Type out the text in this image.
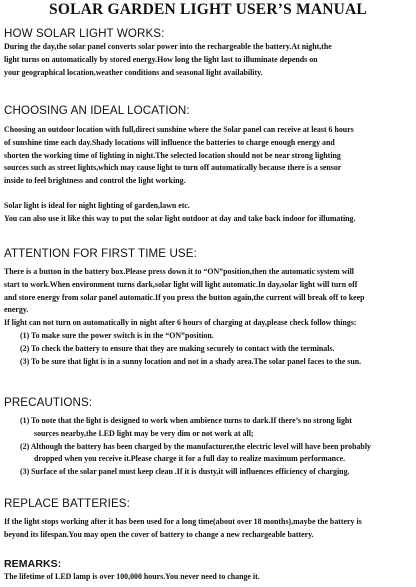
SOLAR GARDEN LIGHT USER’S MANUAL
HOW SOLAR LIGHT WORKS:
During the day,the solar panel converts solar power into the rechargeable the battery.At night,the
light turns on automatically by stored energy.How long the light last to illuminate depends on
your geographical location,weather conditions and seasonal light availability.
CHOOSING AN IDEAL LOCATION:
Choosing an outdoor location with full,direct sunshine where the Solar panel can receive at least 6 hours
of sunshine time each day.Shady locations will influence the batteries to charge enough energy and
shorten the working time of lighting in night.The selected location should not be near strong lighting
sources such as street lights,which may cause light to turn off automatically because there is a sensor
inside to feel brightness and control the light working.
Solar light is ideal for night lighting of garden,lawn etc.
You can also use it like this way to put the solar light outdoor at day and take back indoor for illumating.
ATTENTION FOR FIRST TIME USE:
There is a button in the battery box.Please press down it to “ON”position,then the automatic system will
start to work.When environment turns dark,solar light will light automatic.In day,solar light will turn off
and store energy from solar panel automatic.If you press the button again,the current will break off to keep
energy.
If light can not turn on automatically in night after 6 hours of charging at day,please check follow things:
(1) To make sure the power switch is in the “ON”position.
(2) To check the battery to ensure that they are making securely to contact with the terminals.
(3) To be sure that light is in a sunny location and not in a shady area.The solar panel faces to the sun.
PRECAUTIONS:
(1) To note that the light is designed to work when ambience turns to dark.If there’s no strong light
sources nearby,the LED light may be very dim or not work at all;
(2) Although the battery has been charged by the manufacturer,the electric level will have been probably
dropped when you receive it.Please charge it for a full day to realize maximum performance.
(3) Surface of the solar panel must keep clean .If it is dusty,it will influences efficiency of charging.
REPLACE BATTERIES:
If the light stops working after it has been used for a long time(about over 18 months),maybe the battery is
beyond its lifespan.You may open the cover of battery to change a new rechargeable battery.
REMARKS:
The lifetime of LED lamp is over 100,000 hours.You never need to change it.
